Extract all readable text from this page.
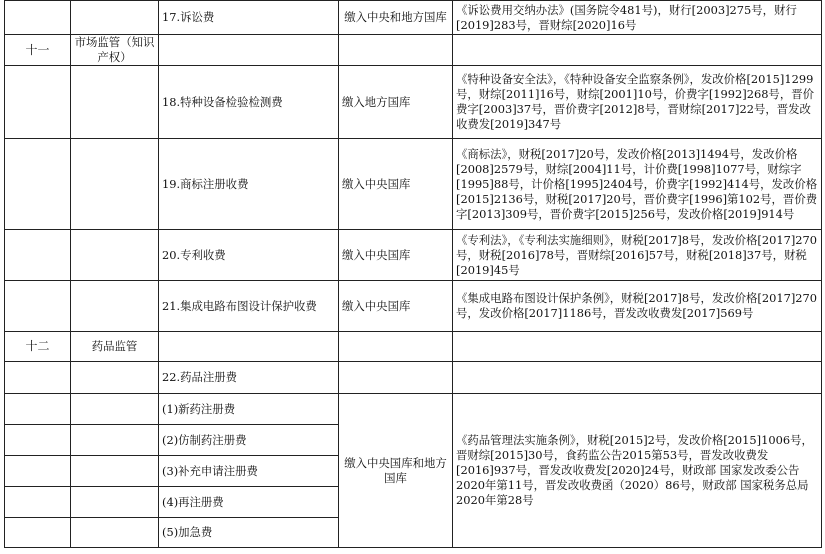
		17.诉讼费	缴入中央和地方国库	《诉讼费用交纳办法》(国务院令481号)，财行[2003]275号，财行[2019]283号，晋财综[2020]16号
十一	市场监管（知识产权）			
		18.特种设备检验检测费	缴入地方国库	《特种设备安全法》，《特种设备安全监察条例》，发改价格[2015]1299号，财综[2011]16号，财综[2001]10号，价费字[1992]268号，晋价费字[2003]37号，晋价费字[2012]8号，晋财综[2017]22号，晋发改收费发[2019]347号
		19.商标注册收费	缴入中央国库	《商标法》，财税[2017]20号，发改价格[2013]1494号，发改价格[2008]2579号，财综[2004]11号，计价费[1998]1077号，财综字[1995]88号，计价格[1995]2404号，价费字[1992]414号，发改价格[2015]2136号，财税[2017]20号，晋价费字[1996]第102号，晋价费字[2013]309号，晋价费字[2015]256号，发改价格[2019]914号
		20.专利收费	缴入中央国库	《专利法》，《专利法实施细则》，财税[2017]8号，发改价格[2017]270号，财税[2016]78号，晋财综[2016]57号，财税[2018]37号，财税[2019]45号
		21.集成电路布图设计保护收费	缴入中央国库	《集成电路布图设计保护条例》，财税[2017]8号，发改价格[2017]270号，发改价格[2017]1186号，晋发改收费发[2017]569号
十二	药品监管			
		22.药品注册费		
		(1)新药注册费	缴入中央国库和地方国库	《药品管理法实施条例》，财税[2015]2号，发改价格[2015]1006号，晋财综[2015]30号，食药监公告2015第53号，晋发改收费发[2016]937号，晋发改收费发[2020]24号，财政部 国家发改委公告2020年第11号，晋发改收费函（2020）86号，财政部 国家税务总局2020年第28号
		(2)仿制药注册费		
		(3)补充申请注册费		
		(4)再注册费		
		(5)加急费		
